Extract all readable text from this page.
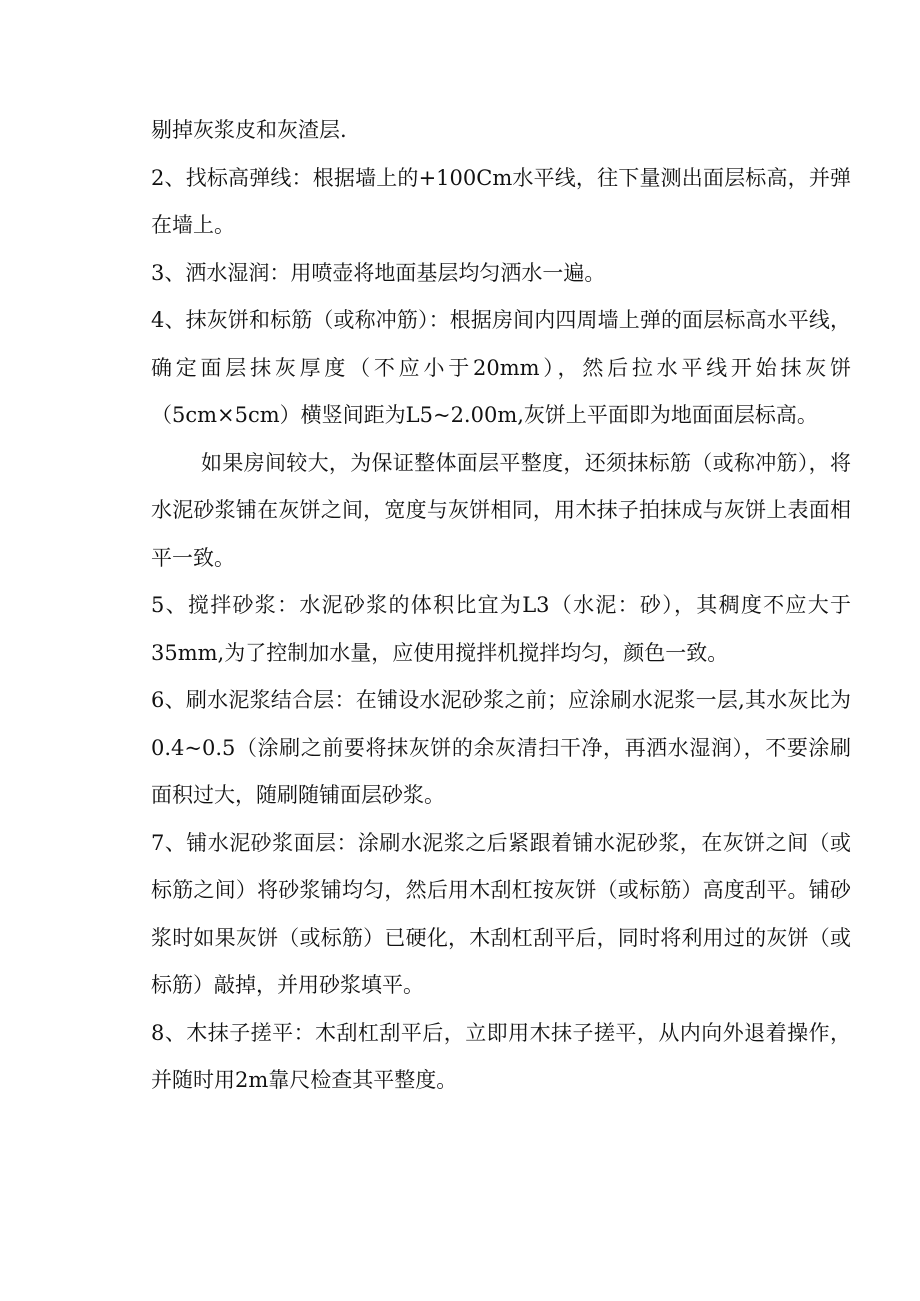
剔掉灰浆皮和灰渣层.

2、找标高弹线：根据墙上的+100Cm水平线，往下量测出面层标高，并弹在墙上。

3、洒水湿润：用喷壶将地面基层均匀洒水一遍。

4、抹灰饼和标筋（或称冲筋）：根据房间内四周墙上弹的面层标高水平线，确定面层抹灰厚度（不应小于20mm），然后拉水平线开始抹灰饼（5cm×5cm）横竖间距为L5~2.00m,灰饼上平面即为地面面层标高。

如果房间较大，为保证整体面层平整度，还须抹标筋（或称冲筋），将水泥砂浆铺在灰饼之间，宽度与灰饼相同，用木抹子拍抹成与灰饼上表面相平一致。

5、搅拌砂浆：水泥砂浆的体积比宜为L3（水泥：砂），其稠度不应大于35mm,为了控制加水量，应使用搅拌机搅拌均匀，颜色一致。

6、刷水泥浆结合层：在铺设水泥砂浆之前；应涂刷水泥浆一层,其水灰比为0.4~0.5（涂刷之前要将抹灰饼的余灰清扫干净，再洒水湿润），不要涂刷面积过大，随刷随铺面层砂浆。

7、铺水泥砂浆面层：涂刷水泥浆之后紧跟着铺水泥砂浆，在灰饼之间（或标筋之间）将砂浆铺均匀，然后用木刮杠按灰饼（或标筋）高度刮平。铺砂浆时如果灰饼（或标筋）已硬化，木刮杠刮平后，同时将利用过的灰饼（或标筋）敲掉，并用砂浆填平。

8、木抹子搓平：木刮杠刮平后，立即用木抹子搓平，从内向外退着操作，并随时用2m靠尺检查其平整度。
